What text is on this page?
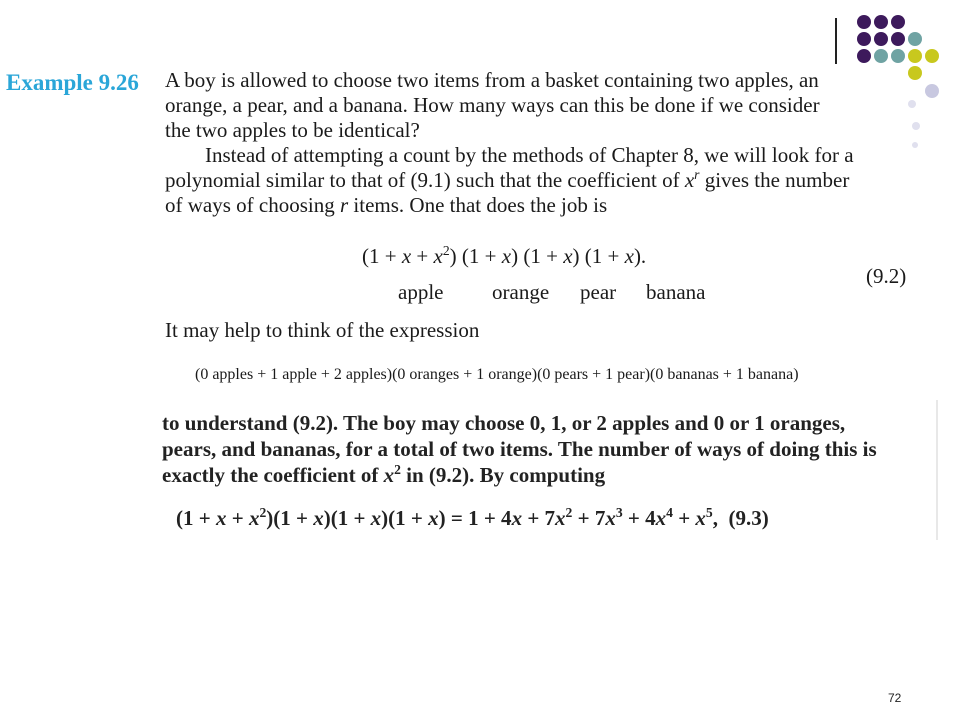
Example 9.26 A boy is allowed to choose two items from a basket containing two apples, an
orange, a pear, and a banana. How many ways can this be done if we consider
the two apples to be identical?
Instead of attempting a count by the methods of Chapter 8, we will look for a
polynomial similar to that of (9.1) such that the coefficient of $x^r$ gives the number
of ways of choosing r items. One that does the job is
$(1 + x + x^2)$ (1 + x) (1 + x) (1 + x).
(9.2)
apple orange pear banana
It may help to think of the expression
(0 apples + 1 apple + 2 apples)(0 oranges + 1 orange)(0 pears + 1 pear)(0 bananas + 1 banana)
to understand (9.2). The boy may choose 0, 1, or 2 apples and 0 or 1 oranges,
pears, and bananas, for a total of two items. The number of ways of doing this is
exactly the coefficient of $x^2$ in (9.2). By computing
$(1 + x + x^2)(1 + x)(1 + x)(1 + x) = 1 + 4x + 7x^2 + 7x^3 + 4x^4 + x^5$,  (9.3)
72
